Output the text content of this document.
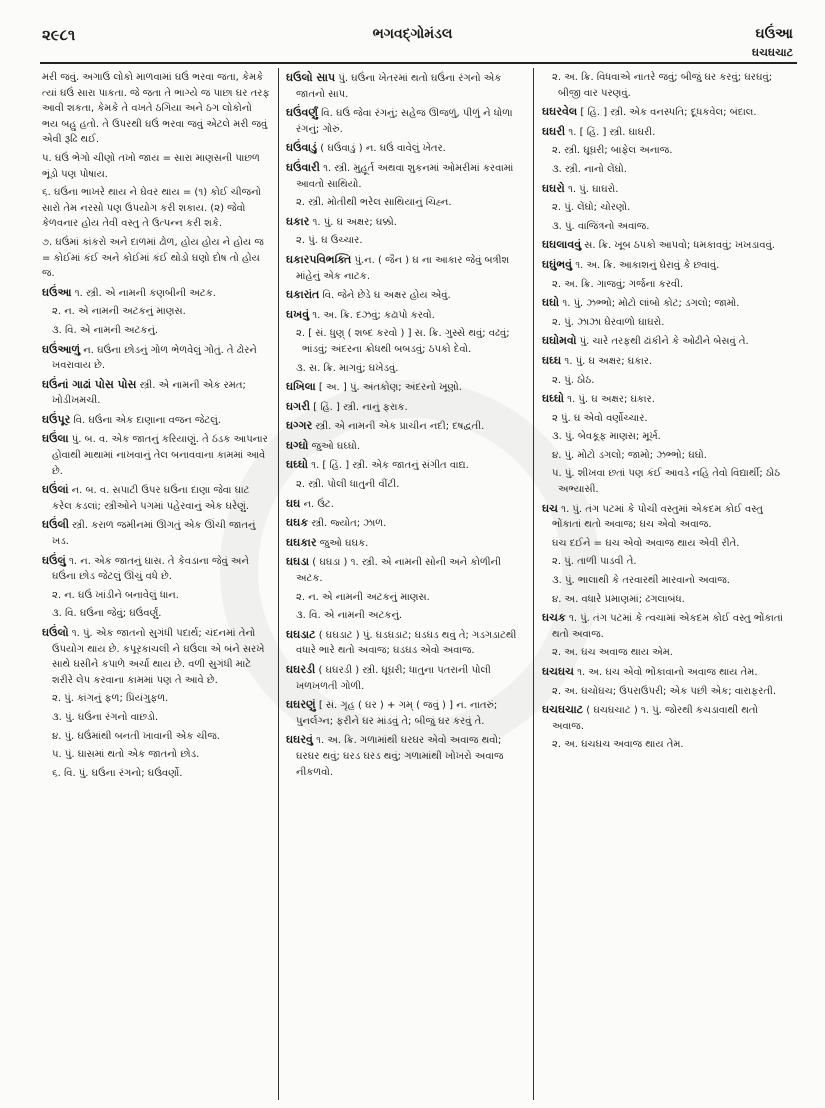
૨૯૮૧	ભગવદ્ગોમંડલ	ઘઉંઆ
ઘચઘચાટ
મરી જવું. અગાઉ લોકો માળવામાં ઘઉં ભરવા જતા, કેમકે ત્યાં ઘઉં સારા પાકતા. જે જતા તે ભાગ્યે જ પાછા ઘર તરફ આવી શકતા, કેમકે તે વખતે ઠગિયા અને ઠગ લોકોનો ભય બહુ હતો. તે ઉપરથી ઘઉં ભરવા જવું એટલે મરી જવું એવી રૂઢિ થઈ.
પ. ઘઉં ભેગો ચીણો તખો જાય = સારા માણસની પાછળ ભૂંડો પણ પોષાય.
૬. ઘઉંના ભાખરે થાય ને ઘેવર થાય = (૧) કોઈ ચીજનો સારો તેમ નરસો પણ ઉપયોગ કરી શકાય. (૨) જેવો કેળવનાર હોય તેવી વસ્તુ તે ઉત્પન્ન કરી શકે.
૭. ઘઉંમાં કાંકરો અને દાળમાં ઢોળ, હોય હોય ને હોય જ = કોઈમાં કંઈ અને કોઈમાં કંઈ થોડો ઘણો દોષ તો હોય જ.
ઘઉંઆ ૧. સ્ત્રી. એ નામની કણબીની અટક.
૨. ન. એ નામની અટકનું માણસ.
૩. વિ. એ નામની અટકનું.
ઘઉંઆળું ન. ઘઉંના છોડનું ગોળ ભેળવેલું ગોતું. તે ઢોરને ખવરાવાય છે.
ઘઉંનાં ગાઢાં પોસ પોસ સ્ત્રી. એ નામની એક રમત; ખોડીખમચી.
ઘઉંપૂર વિ. ઘઉંના એક દાણાના વજન જેટલું.
ઘઉંલા પું. બ. વ. એક જાતનું કરિયાણું. તે ઠંડક આપનાર હોવાથી માથામાં નાખવાનું તેલ બનાવવાના કામમાં આવે છે.
ઘઉંલાં ન. બ. વ. સપાટી ઉપર ઘઉંના દાણા જેવા ઘાટ કરેલ કડલાં; સ્ત્રીઓને પગમાં પહેરવાનું એક ઘરેણું.
ઘઉંલી સ્ત્રી. કરાળ જમીનમાં ઊગતું એક ઊંચી જાતનું ખડ.
ઘઉંલું ૧. ન. એક જાતનું ઘાસ. તે કેવડાના જેવું અને ઘઉંના છોડ જેટલું ઊંચું વધે છે.
૨. ન. ઘઉં ખાંડીને બનાવેલું ધાન.
૩. વિ. ઘઉંના જેવું; ઘઉંવર્ણું.
ઘઉંલો ૧. પું. એક જાતનો સુગંધી પદાર્થ; ચંદનમાં તેનો ઉપયોગ થાય છે. કપૂરકાચલી ને ઘઉંલા એ બંને સરખે સાથે ઘસીને કપાળે અર્ચા થાય છે. વળી સુગંધી માટે શરીરે લેપ કરવાના કામમાં પણ તે આવે છે.
૨. પું. કાંગનું ફળ; પ્રિયંગુફળ.
૩. પું. ઘઉંના રંગનો વાછડો.
૪. પું. ઘઉંમાંથી બનતી ખાવાની એક ચીજ.
પ. પું. ઘાસમાં થતો એક જાતનો છોડ.
૬. વિ. પું. ઘઉંના રંગનો; ઘઉંવર્ણો.
ઘઉંલો સાપ પું. ઘઉંના ખેતરમાં થતો ઘઉંના રંગનો એક જાતનો સાપ.
ઘઉંવર્ણું વિ. ઘઉં જેવા રંગનું; સહેજ ઊજળું, પીળું ને ધોળા રંગનું; ગોરું.
ઘઉંવાડું ( ઘઉંવાડું ) ન. ઘઉં વાવેલું ખેતર.
ઘઉંવારી ૧. સ્ત્રી. મુહૂર્ત અથવા શુકનમાં ઓમરીમાં કરવામાં આવતો સાથિયો.
૨. સ્ત્રી. મોતીથી ભરેલ સાથિયાનું ચિહ્ન.
ઘકાર ૧. પું. ઘ અક્ષર; ઘક્કો.
૨. પું. ઘ ઉચ્ચાર.
ઘકારપવિભક્તિ પું.ન. ( જૈન ) ઘ ના આકાર જેવું બત્રીશ માંહેનું એક નાટક.
ઘકારાંત વિ. જેને છેડે ઘ અક્ષર હોય એવું.
ઘખવું ૧. અ. ક્રિ. દઝવું; કઢાપો કરવો.
૨. [ સં. ધુણ્ ( શબ્દ કરવો ) ] સ. ક્રિ. ગુસ્સે થવું; વઢવું; ભાંડવું; અંદરના ક્રોધથી બબડવું; ઠપકો દેવો.
૩. સ. ક્રિ. માગવું; ઘખેડવું.
ઘખિલા [ અ. ] પું. અંતકોણ; અંદરનો ખૂણો.
ઘગરી [ હિં. ] સ્ત્રી. નાનું ફરાક.
ઘગ્ગર સ્ત્રી. એ નામની એક પ્રાચીન નદી; દષદ્વતી.
ઘગ્ઘો જુઓ ઘઘ્ઘો.
ઘઘ્ઘો ૧. [ હિં. ] સ્ત્રી. એક જાતનું સંગીત વાદ્ય.
૨. સ્ત્રી. પોલી ધાતુની વીંટી.
ઘઘ ન. ઉંટ.
ઘઘક સ્ત્રી. જ્યોત; ઝાળ.
ઘઘકાર જુઓ ઘઘક.
ઘઘડા ( ઘઘડા ) ૧. સ્ત્રી. એ નામની સોની અને કોળીની અટક.
૨. ન. એ નામની અટકનું માણસ.
૩. વિ. એ નામની અટકનું.
ઘઘડાટ ( ઘઘડાટ ) પું. ઘડઘડાટ; ઘડઘડ થવું તે; ગડગડાટથી વધારે ભારે થતો અવાજ; ઘડઘડ એવો અવાજ.
ઘઘરડી ( ઘઘરડી ) સ્ત્રી. ઘૂઘરી; ધાતુના પતરાની પોલી ખળખળતી ગોળી.
ઘઘરણું [ સં. ગૃહ ( ઘર ) + ગમ્ ( જવું ) ] ન. નાતરું; પુનર્લગ્ન; ફરીને ઘર માંડવું તે; બીજું ઘર કરવું તે.
ઘઘરવું ૧. અ. ક્રિ. ગળામાંથી ઘરઘર એવો અવાજ થવો; ઘરઘર થવું; ઘરડ ઘરડ થવું; ગળામાંથી ખોખરો અવાજ નીકળવો.
૨. અ. ક્રિ. વિધવાએ નાતરે જવું; બીજું ઘર કરવું; ઘરઘવું; બીજી વાર પરણવું.
ઘઘરવેલ [ હિં. ] સ્ત્રી. એક વનસ્પતિ; દૂધકવેલ; બંદાલ.
ઘઘરી ૧. [ હિં. ] સ્ત્રી. ઘાઘરી.
૨. સ્ત્રી. ઘૂઘરી; બાફેલ અનાજ.
૩. સ્ત્રી. નાનો લેંઘો.
ઘઘરો ૧. પું. ઘાઘરો.
૨. પું. લેંઘો; ચોરણો.
૩. પું. વાજિંત્રનો અવાજ.
ઘઘલાવવું સ. ક્રિ. ખૂબ ઠપકો આપવો; ધમકાવવું; ખખડાવવું.
ઘઘુંભવું ૧. અ. ક્રિ. આકાશનું ઘેરાવું કે છવાવું.
૨. અ. ક્રિ. ગાજવું; ગર્જના કરવી.
ઘઘો ૧. પું. ઝભ્ભો; મોટો લાંબો કોટ; ડગલો; જામો.
૨. પું. ઝાઝા ઘેરવાળો ઘાઘરો.
ઘઘોમવો પું. ચારે તરફથી ઢાંકીને કે ઓઢીને બેસવું તે.
ઘઘ્ઘ ૧. પું. ઘ અક્ષર; ઘકાર.
૨. પું. ઠોઠ.
ઘઘ્ઘો ૧. પું. ઘ અક્ષર; ઘકાર.
૨ પું. ઘ એવો વર્ણોચ્ચાર.
૩. પું. બેવકૂફ માણસ; મૂર્ખ.
૪. પું. મોટો ડગલો; જામો; ઝભ્ભો; ઘઘો.
પ. પું. શીખવા છતાં પણ કંઈ આવડે નહિ તેવો વિદ્યાર્થી; ઠોઠ અભ્યાસી.
ઘચ ૧. પું. તંગ પટમાં કે પોચી વસ્તુમાં એકદમ કોઈ વસ્તુ ભોંકાતાં થતો અવાજ; ઘચ એવો અવાજ.
ઘચ દઈને = ઘચ એવો અવાજ થાય એવી રીતે.
૨. પું. તાળી પાડવી તે.
૩. પું. ભાલાથી કે તરવારથી મારવાનો અવાજ.
૪. અ. વધારે પ્રમાણમાં; ઢગલાબંધ.
ઘચક ૧. પું. તંગ પટમાં કે ત્વચામાં એકદમ કોઈ વસ્તુ ભોંકાતાં થતો અવાજ.
૨. અ. ઘચ અવાજ થાય એમ.
ઘચઘચ ૧. અ. ઘચ એવો ભોંકાવાનો અવાજ થાય તેમ.
૨. અ. ઘચોઘચ; ઉપરાઉપરી; એક પછી એક; વારાફરતી.
ઘચઘચાટ ( ઘચઘચાટ ) ૧. પું. જોરથી કચડાવાથી થતો અવાજ.
૨. અ. ઘચઘચ અવાજ થાય તેમ.
